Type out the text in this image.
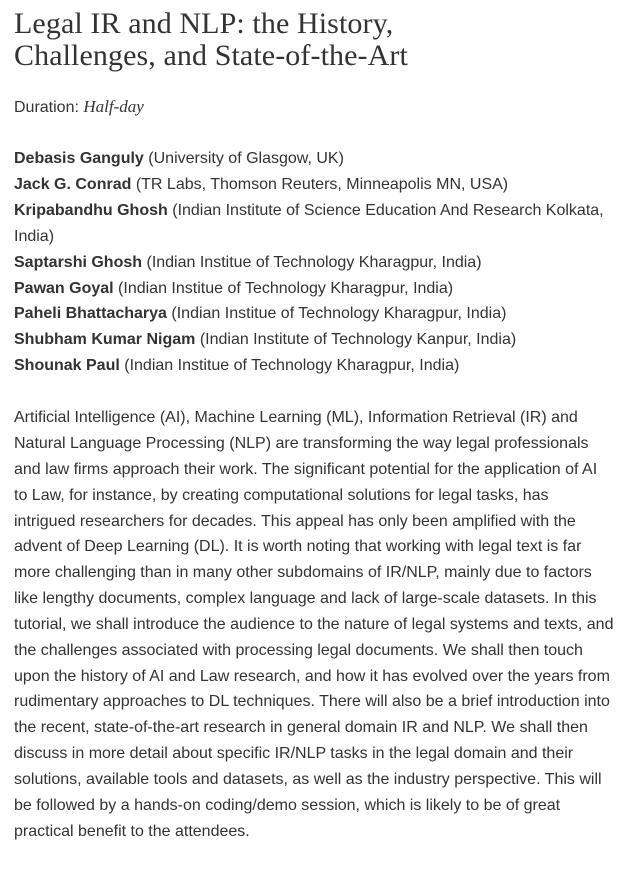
Legal IR and NLP: the History,
Challenges, and State-of-the-Art
Duration: Half-day
Debasis Ganguly (University of Glasgow, UK)
Jack G. Conrad (TR Labs, Thomson Reuters, Minneapolis MN, USA)
Kripabandhu Ghosh (Indian Institute of Science Education And Research Kolkata, India)
Saptarshi Ghosh (Indian Institue of Technology Kharagpur, India)
Pawan Goyal (Indian Institue of Technology Kharagpur, India)
Paheli Bhattacharya (Indian Institue of Technology Kharagpur, India)
Shubham Kumar Nigam (Indian Institute of Technology Kanpur, India)
Shounak Paul (Indian Institue of Technology Kharagpur, India)

Artificial Intelligence (AI), Machine Learning (ML), Information Retrieval (IR) and Natural Language Processing (NLP) are transforming the way legal professionals and law firms approach their work. The significant potential for the application of AI to Law, for instance, by creating computational solutions for legal tasks, has intrigued researchers for decades. This appeal has only been amplified with the advent of Deep Learning (DL). It is worth noting that working with legal text is far more challenging than in many other subdomains of IR/NLP, mainly due to factors like lengthy documents, complex language and lack of large-scale datasets. In this tutorial, we shall introduce the audience to the nature of legal systems and texts, and the challenges associated with processing legal documents. We shall then touch upon the history of AI and Law research, and how it has evolved over the years from rudimentary approaches to DL techniques. There will also be a brief introduction into the recent, state-of-the-art research in general domain IR and NLP. We shall then discuss in more detail about specific IR/NLP tasks in the legal domain and their solutions, available tools and datasets, as well as the industry perspective. This will be followed by a hands-on coding/demo session, which is likely to be of great practical benefit to the attendees.
